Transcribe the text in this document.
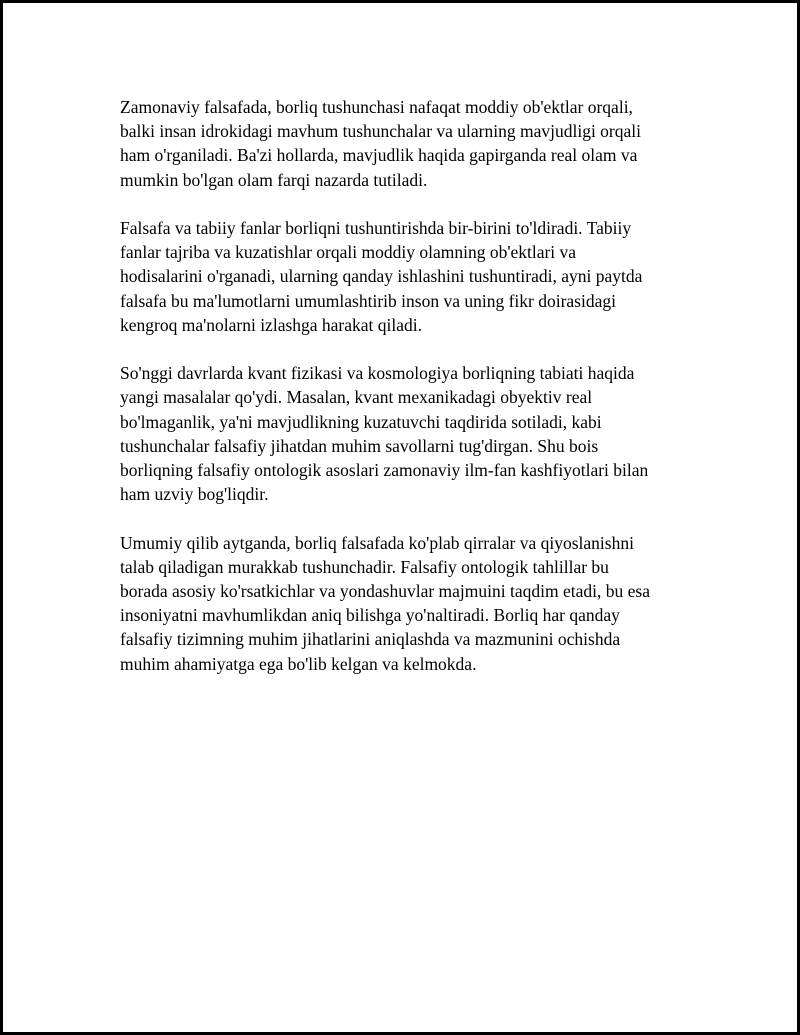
Zamonaviy falsafada, borliq tushunchasi nafaqat moddiy ob'ektlar orqali,
balki insan idrokidagi mavhum tushunchalar va ularning mavjudligi orqali
ham o'rganiladi. Ba'zi hollarda, mavjudlik haqida gapirganda real olam va
mumkin bo'lgan olam farqi nazarda tutiladi.

Falsafa va tabiiy fanlar borliqni tushuntirishda bir-birini to'ldiradi. Tabiiy
fanlar tajriba va kuzatishlar orqali moddiy olamning ob'ektlari va
hodisalarini o'rganadi, ularning qanday ishlashini tushuntiradi, ayni paytda
falsafa bu ma'lumotlarni umumlashtirib inson va uning fikr doirasidagi
kengroq ma'nolarni izlashga harakat qiladi.

So'nggi davrlarda kvant fizikasi va kosmologiya borliqning tabiati haqida
yangi masalalar qo'ydi. Masalan, kvant mexanikadagi obyektiv real
bo'lmaganlik, ya'ni mavjudlikning kuzatuvchi taqdirida sotiladi, kabi
tushunchalar falsafiy jihatdan muhim savollarni tug'dirgan. Shu bois
borliqning falsafiy ontologik asoslari zamonaviy ilm-fan kashfiyotlari bilan
ham uzviy bog'liqdir.

Umumiy qilib aytganda, borliq falsafada ko'plab qirralar va qiyoslanishni
talab qiladigan murakkab tushunchadir. Falsafiy ontologik tahlillar bu
borada asosiy ko'rsatkichlar va yondashuvlar majmuini taqdim etadi, bu esa
insoniyatni mavhumlikdan aniq bilishga yo'naltiradi. Borliq har qanday
falsafiy tizimning muhim jihatlarini aniqlashda va mazmunini ochishda
muhim ahamiyatga ega bo'lib kelgan va kelmokda.
